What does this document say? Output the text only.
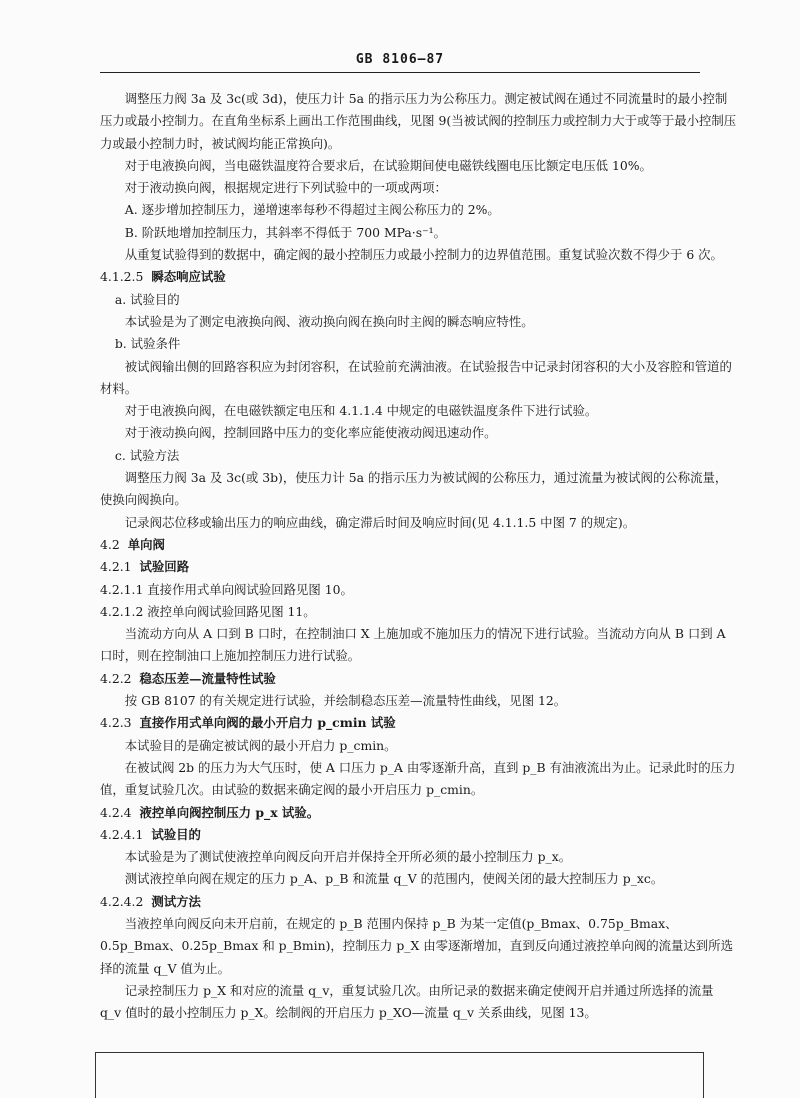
GB 8106—87

调整压力阀 3a 及 3c(或 3d)，使压力计 5a 的指示压力为公称压力。测定被试阀在通过不同流量时的最小控制压力或最小控制力。在直角坐标系上画出工作范围曲线，见图 9(当被试阀的控制压力或控制力大于或等于最小控制压力或最小控制力时，被试阀均能正常换向)。

对于电液换向阀，当电磁铁温度符合要求后，在试验期间使电磁铁线圈电压比额定电压低 10%。

对于液动换向阀，根据规定进行下列试验中的一项或两项：

A. 逐步增加控制压力，递增速率每秒不得超过主阀公称压力的 2%。

B. 阶跃地增加控制压力，其斜率不得低于 700 MPa·s⁻¹。

从重复试验得到的数据中，确定阀的最小控制压力或最小控制力的边界值范围。重复试验次数不得少于 6 次。

4.1.2.5 瞬态响应试验

a. 试验目的

本试验是为了测定电液换向阀、液动换向阀在换向时主阀的瞬态响应特性。

b. 试验条件

被试阀输出侧的回路容积应为封闭容积，在试验前充满油液。在试验报告中记录封闭容积的大小及容腔和管道的材料。

对于电液换向阀，在电磁铁额定电压和 4.1.1.4 中规定的电磁铁温度条件下进行试验。

对于液动换向阀，控制回路中压力的变化率应能使液动阀迅速动作。

c. 试验方法

调整压力阀 3a 及 3c(或 3b)，使压力计 5a 的指示压力为被试阀的公称压力，通过流量为被试阀的公称流量，使换向阀换向。

记录阀芯位移或输出压力的响应曲线，确定滞后时间及响应时间(见 4.1.1.5 中图 7 的规定)。

4.2 单向阀

4.2.1 试验回路

4.2.1.1 直接作用式单向阀试验回路见图 10。

4.2.1.2 液控单向阀试验回路见图 11。

当流动方向从 A 口到 B 口时，在控制油口 X 上施加或不施加压力的情况下进行试验。当流动方向从 B 口到 A 口时，则在控制油口上施加控制压力进行试验。

4.2.2 稳态压差—流量特性试验

按 GB 8107 的有关规定进行试验，并绘制稳态压差—流量特性曲线，见图 12。

4.2.3 直接作用式单向阀的最小开启力 p_cmin 试验

本试验目的是确定被试阀的最小开启力 p_cmin。

在被试阀 2b 的压力为大气压时，使 A 口压力 p_A 由零逐渐升高，直到 p_B 有油液流出为止。记录此时的压力值，重复试验几次。由试验的数据来确定阀的最小开启压力 p_cmin。

4.2.4 液控单向阀控制压力 p_x 试验。

4.2.4.1 试验目的

本试验是为了测试使液控单向阀反向开启并保持全开所必须的最小控制压力 p_x。

测试液控单向阀在规定的压力 p_A、p_B 和流量 q_V 的范围内，使阀关闭的最大控制压力 p_xc。

4.2.4.2 测试方法

当液控单向阀反向未开启前，在规定的 p_B 范围内保持 p_B 为某一定值(p_Bmax、0.75p_Bmax、0.5p_Bmax、0.25p_Bmax 和 p_Bmin)，控制压力 p_X 由零逐渐增加，直到反向通过液控单向阀的流量达到所选择的流量 q_V 值为止。

记录控制压力 p_X 和对应的流量 q_v，重复试验几次。由所记录的数据来确定使阀开启并通过所选择的流量 q_v 值时的最小控制压力 p_X。绘制阀的开启压力 p_XO—流量 q_v 关系曲线，见图 13。
